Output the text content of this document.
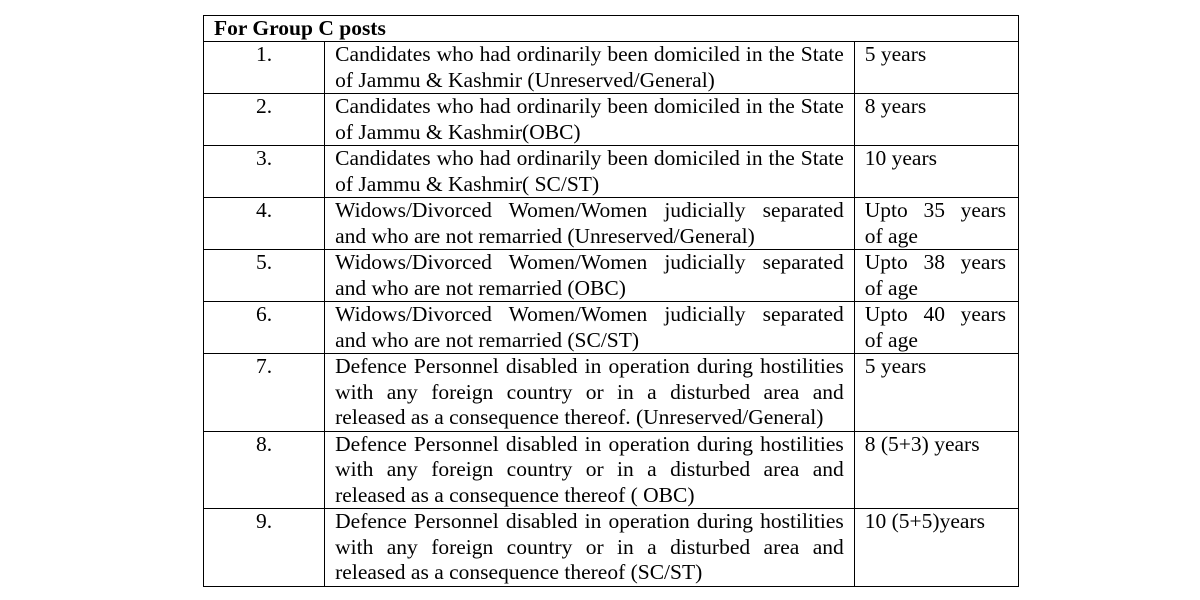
For Group C posts		
1.	Candidates who had ordinarily been domiciled in the State of Jammu & Kashmir (Unreserved/General)	5 years
2.	Candidates who had ordinarily been domiciled in the State of Jammu & Kashmir(OBC)	8 years
3.	Candidates who had ordinarily been domiciled in the State of Jammu & Kashmir( SC/ST)	10 years
4.	Widows/Divorced Women/Women judicially separated and who are not remarried (Unreserved/General)	Upto 35 years of age
5.	Widows/Divorced Women/Women judicially separated and who are not remarried (OBC)	Upto 38 years of age
6.	Widows/Divorced Women/Women judicially separated and who are not remarried (SC/ST)	Upto 40 years of age
7.	Defence Personnel disabled in operation during hostilities with any foreign country or in a disturbed area and released as a consequence thereof. (Unreserved/General)	5 years
8.	Defence Personnel disabled in operation during hostilities with any foreign country or in a disturbed area and released as a consequence thereof ( OBC)	8 (5+3) years
9.	Defence Personnel disabled in operation during hostilities with any foreign country or in a disturbed area and released as a consequence thereof (SC/ST)	10 (5+5)years
